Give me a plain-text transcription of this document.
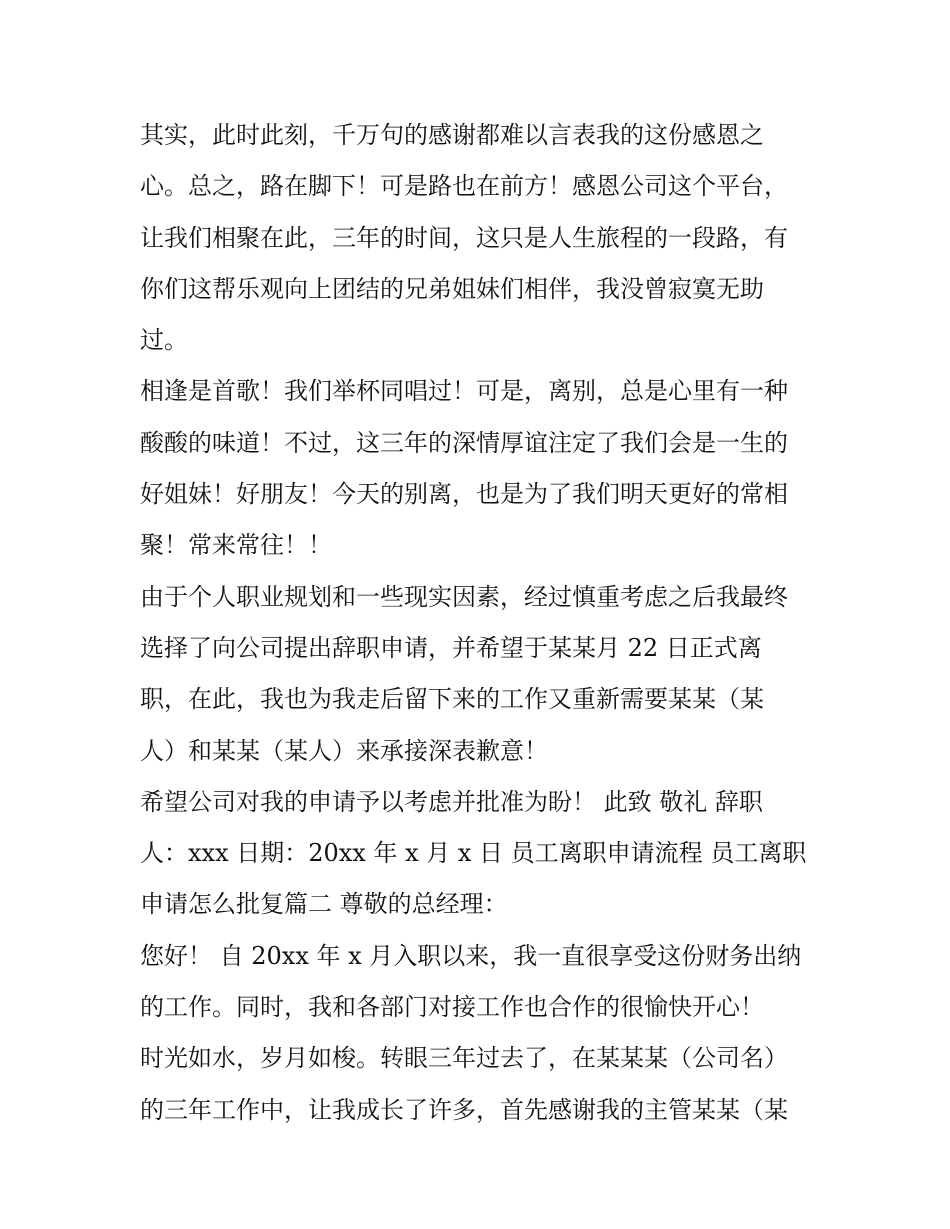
其实，此时此刻，千万句的感谢都难以言表我的这份感恩之
心。总之，路在脚下！可是路也在前方！感恩公司这个平台，
让我们相聚在此，三年的时间，这只是人生旅程的一段路，有
你们这帮乐观向上团结的兄弟姐妹们相伴，我没曾寂寞无助
过。
相逢是首歌！我们举杯同唱过！可是，离别，总是心里有一种
酸酸的味道！不过，这三年的深情厚谊注定了我们会是一生的
好姐妹！好朋友！今天的别离，也是为了我们明天更好的常相
聚！常来常往！！
由于个人职业规划和一些现实因素，经过慎重考虑之后我最终
选择了向公司提出辞职申请，并希望于某某月 22 日正式离
职，在此，我也为我走后留下来的工作又重新需要某某（某
人）和某某（某人）来承接深表歉意！
希望公司对我的申请予以考虑并批准为盼！ 此致 敬礼 辞职
人：xxx 日期：20xx 年 x 月 x 日 员工离职申请流程 员工离职
申请怎么批复篇二 尊敬的总经理：
您好！ 自 20xx 年 x 月入职以来，我一直很享受这份财务出纳
的工作。同时，我和各部门对接工作也合作的很愉快开心！
时光如水，岁月如梭。转眼三年过去了，在某某某（公司名）
的三年工作中，让我成长了许多，首先感谢我的主管某某（某
